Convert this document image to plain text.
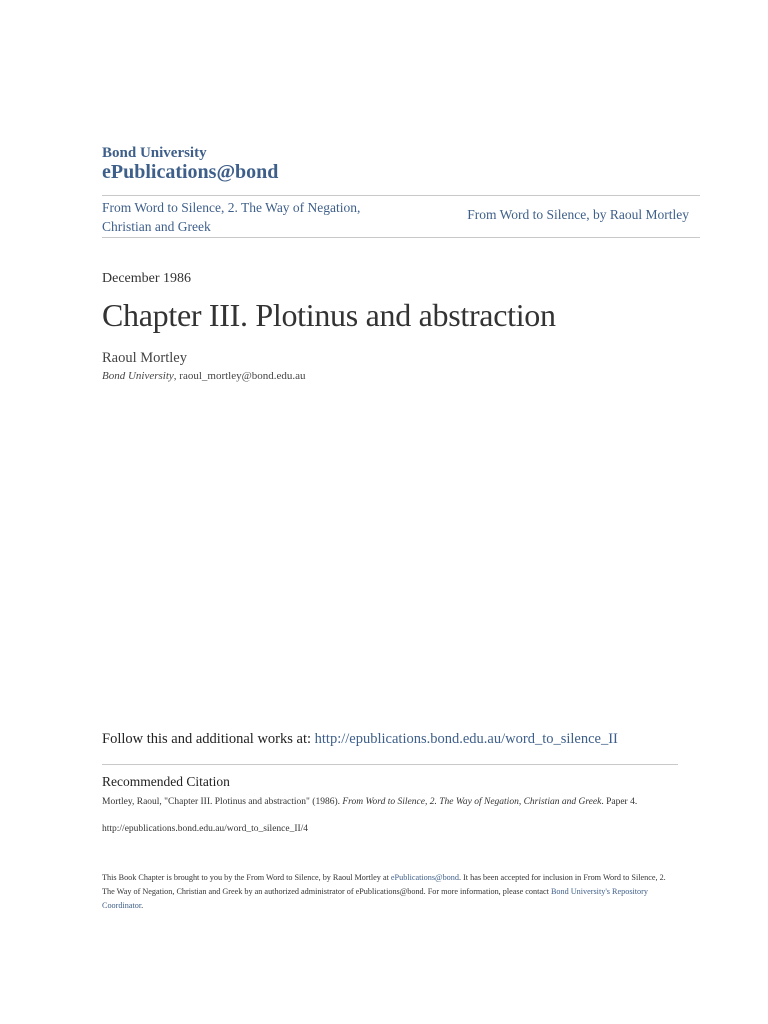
Bond University
ePublications@bond
From Word to Silence, 2. The Way of Negation, Christian and Greek
From Word to Silence, by Raoul Mortley
December 1986
Chapter III. Plotinus and abstraction
Raoul Mortley
Bond University, raoul_mortley@bond.edu.au
Follow this and additional works at: http://epublications.bond.edu.au/word_to_silence_II
Recommended Citation
Mortley, Raoul, "Chapter III. Plotinus and abstraction" (1986). From Word to Silence, 2. The Way of Negation, Christian and Greek. Paper 4.
http://epublications.bond.edu.au/word_to_silence_II/4
This Book Chapter is brought to you by the From Word to Silence, by Raoul Mortley at ePublications@bond. It has been accepted for inclusion in From Word to Silence, 2. The Way of Negation, Christian and Greek by an authorized administrator of ePublications@bond. For more information, please contact Bond University's Repository Coordinator.
